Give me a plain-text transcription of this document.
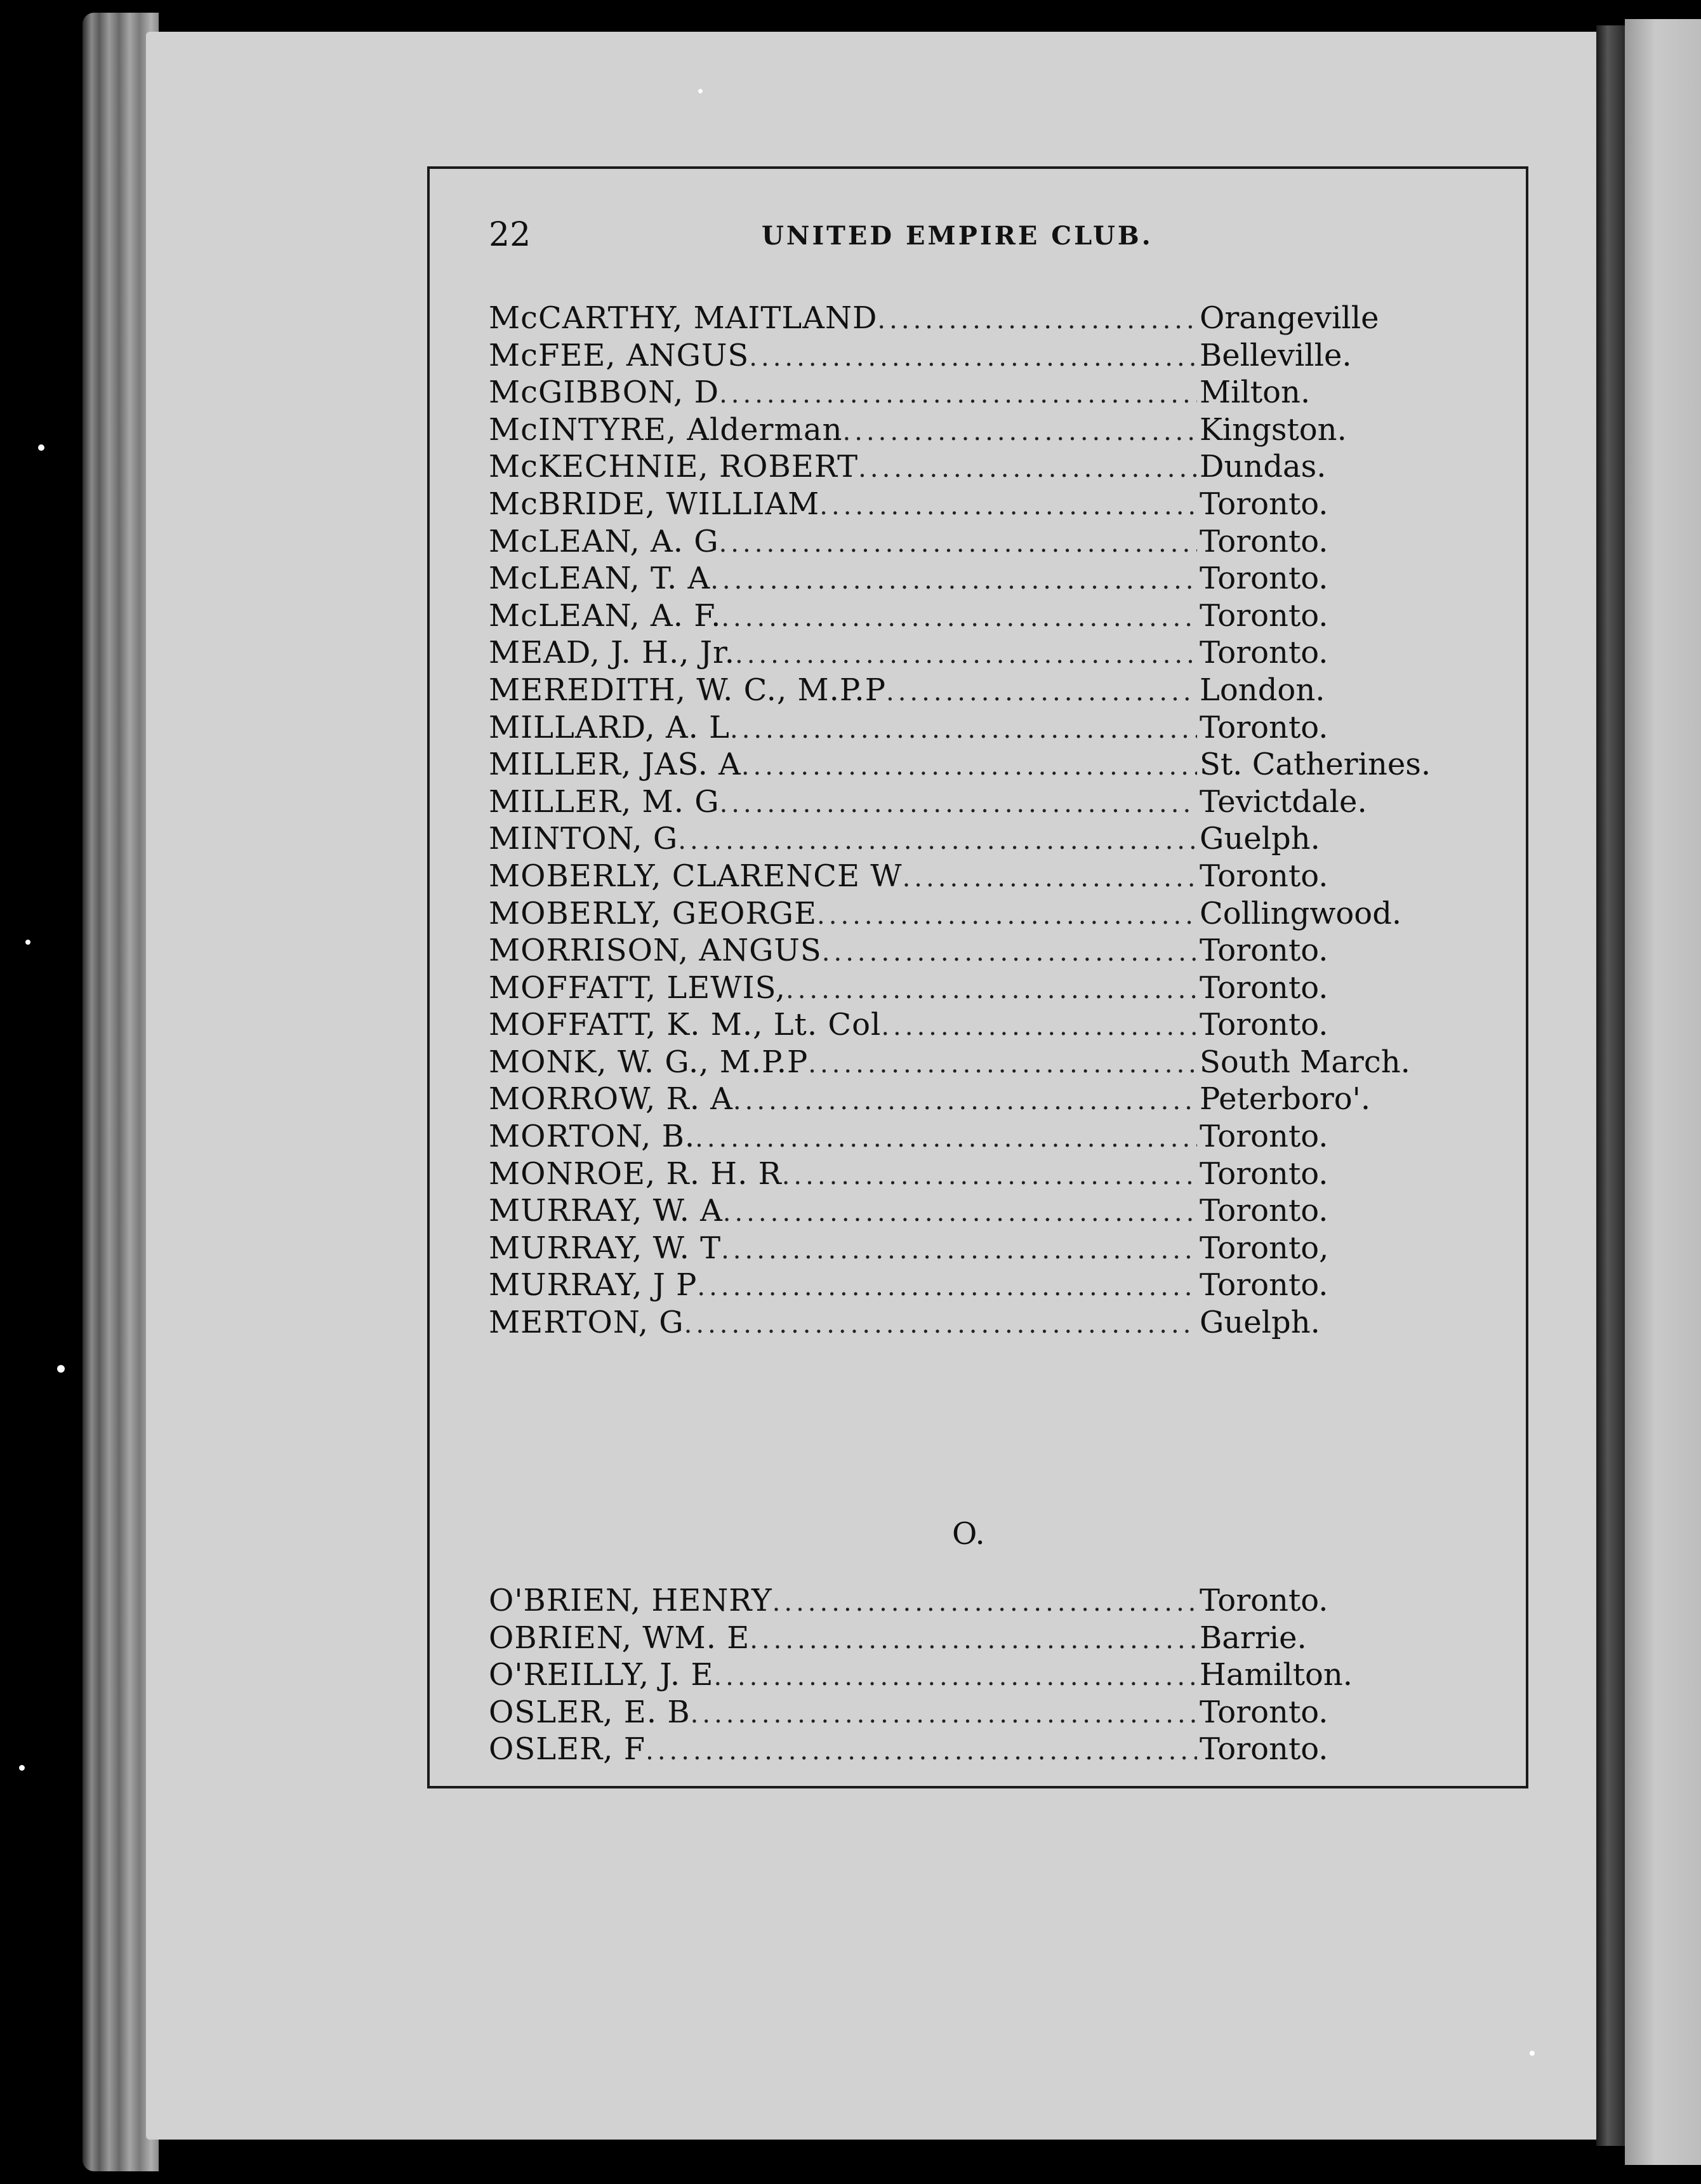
22	UNITED EMPIRE CLUB.
McCARTHY, MAITLAND .....	Orangeville
McFEE, ANGUS .....	Belleville.
McGIBBON, D .....	Milton.
McINTYRE, Alderman .....	Kingston.
McKECHNIE, ROBERT .....	Dundas.
McBRIDE, WILLIAM .....	Toronto.
McLEAN, A. G .....	Toronto.
McLEAN, T. A .....	Toronto.
McLEAN, A. F. .....	Toronto.
MEAD, J. H., Jr. .....	Toronto.
MEREDITH, W. C., M.P.P .....	London.
MILLARD, A. L .....	Toronto.
MILLER, JAS. A .....	St. Catherines.
MILLER, M. G .....	Tevictdale.
MINTON, G .....	Guelph.
MOBERLY, CLARENCE W .....	Toronto.
MOBERLY, GEORGE .....	Collingwood.
MORRISON, ANGUS .....	Toronto.
MOFFATT, LEWIS, .....	Toronto.
MOFFATT, K. M., Lt. Col .....	Toronto.
MONK, W. G., M.P.P .....	South March.
MORROW, R. A .....	Peterboro'.
MORTON, B. .....	Toronto.
MONROE, R. H. R .....	Toronto.
MURRAY, W. A .....	Toronto.
MURRAY, W. T .....	Toronto,
MURRAY, J P .....	Toronto.
MERTON, G .....	Guelph.
O.
O'BRIEN, HENRY .....	Toronto.
OBRIEN, WM. E .....	Barrie.
O'REILLY, J. E .....	Hamilton.
OSLER, E. B .....	Toronto.
OSLER, F .....	Toronto.
